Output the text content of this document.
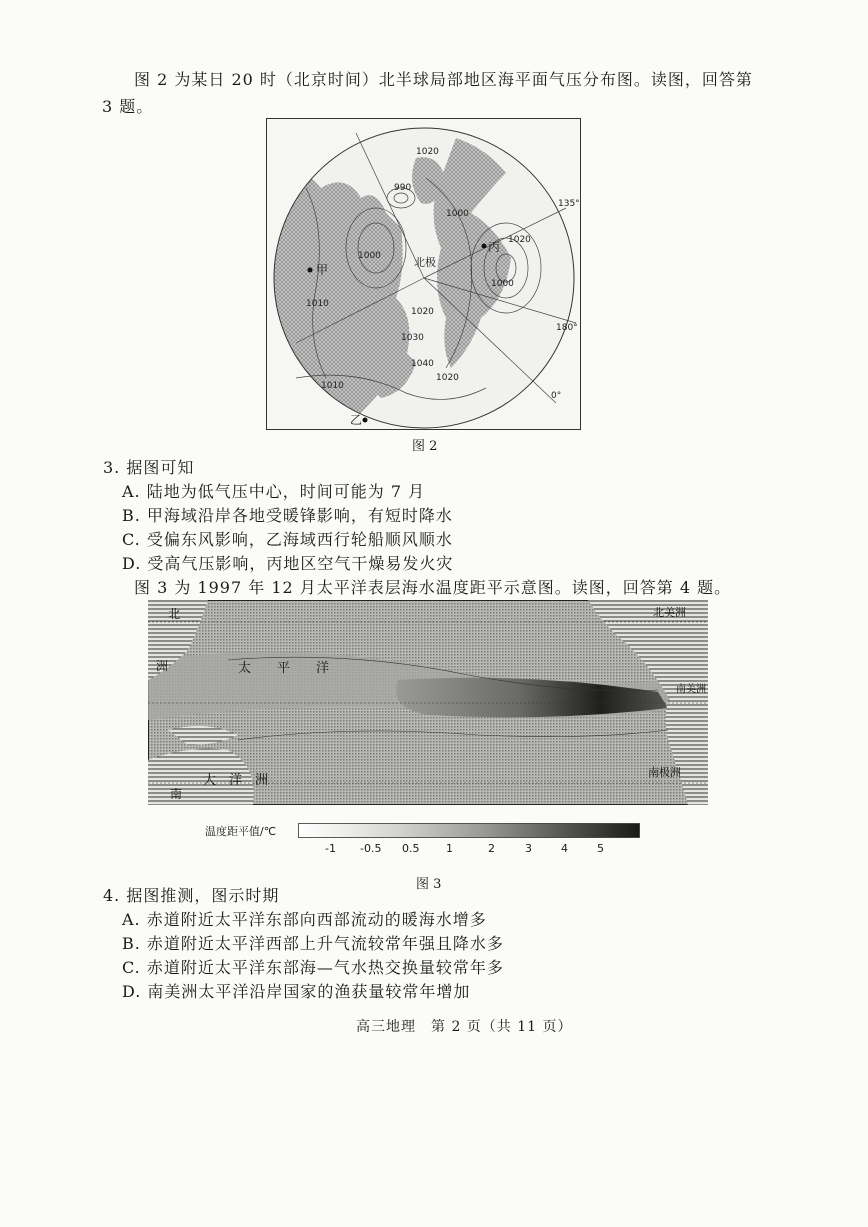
图 2 为某日 20 时（北京时间）北半球局部地区海平面气压分布图。读图，回答第 3 题。
北极
甲
乙
丙
1020
1020
1020
1020
1010
1010
1000
1000
1000
990
1030
1040
135°
180°
0°
图 2
3. 据图可知
A. 陆地为低气压中心，时间可能为 7 月
B. 甲海域沿岸各地受暖锋影响，有短时降水
C. 受偏东风影响，乙海域西行轮船顺风顺水
D. 受高气压影响，丙地区空气干燥易发火灾
图 3 为 1997 年 12 月太平洋表层海水温度距平示意图。读图，回答第 4 题。
北	北美洲
洲	太　　平　　洋
大　洋　洲
南美洲
南
南极洲
温度距平值/℃
-1 -0.5 0.5 1	2	3	4	5
图 3
4. 据图推测，图示时期
A. 赤道附近太平洋东部向西部流动的暖海水增多
B. 赤道附近太平洋西部上升气流较常年强且降水多
C. 赤道附近太平洋东部海—气水热交换量较常年多
D. 南美洲太平洋沿岸国家的渔获量较常年增加
高三地理　第 2 页（共 11 页）
